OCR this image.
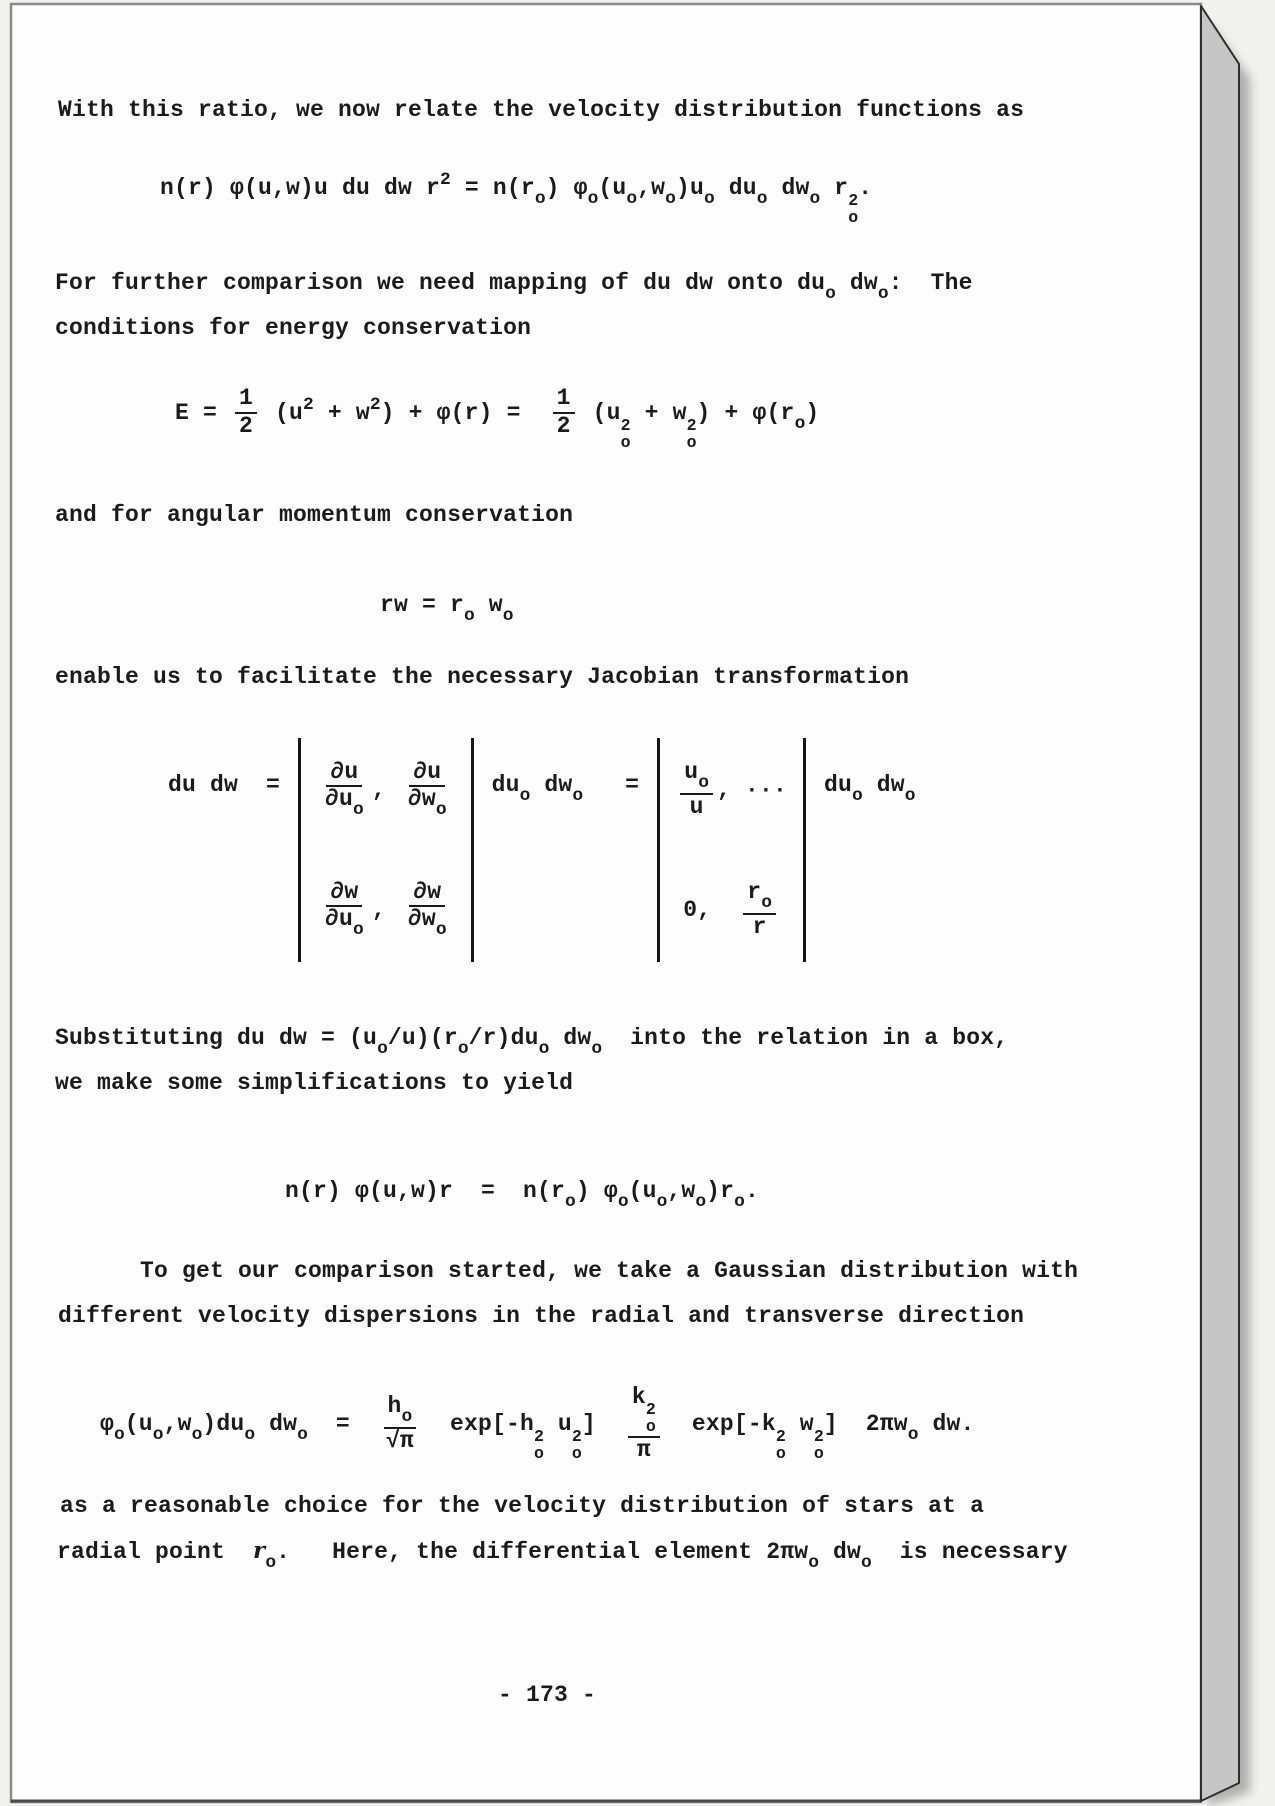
With this ratio, we now relate the velocity distribution functions as
n(r) φ(u,w)u du dw $r^2 = n(r_o)$ $\varphi_o(u_o,w_o)u_o$ $du_o$ $dw_o$ r 2
o
.
For further comparison we need mapping of du dw onto $du_o$ $dw_o$:  The
conditions for energy conservation
$E = \frac{1}{2} (u^2 + w^2) + \varphi(r) = \frac{1}{2} (u$ 2
o
+ w 2
o
) + $\varphi(r_o)$
and for angular momentum conservation
rw = $r_o$ $w_o$
enable us to facilitate the necessary Jacobian transformation
du dw  = $\frac{\partial u}{\partial u_o}$ , $\frac{\partial u}{\partial w_o}$
$\frac{\partial w}{\partial u_o}$ , $\frac{\partial w}{\partial w_o}$
$du_o$ $dw_o = \frac{u_o}{u}$ , ···
0, $\frac{r_o}{r}$
$du_o$ $dw_o$
Substituting du dw = $(u_o/u)(r_o/r)du_o$ $dw_o$  into the relation in a box,
we make some simplifications to yield
n(r) $\varphi(u,w)r = n(r_o)$ $\varphi_o(u_o,w_o)r_o$.
To get our comparison started, we take a Gaussian distribution with
different velocity dispersions in the radial and transverse direction
$\varphi_o(u_o,w_o)du_o$ $dw_o = \frac{h_o}{√\pi} \exp[-h$ 2
o
u 2
o
] k 2
o
π exp[-k 2
o
w 2
o
]  $2\pi w_o$ dw.
as a reasonable choice for the velocity distribution of stars at a
radial point  $r_o$.   Here, the differential element $2\pi w_o$ $dw_o$  is necessary
- 173 -
